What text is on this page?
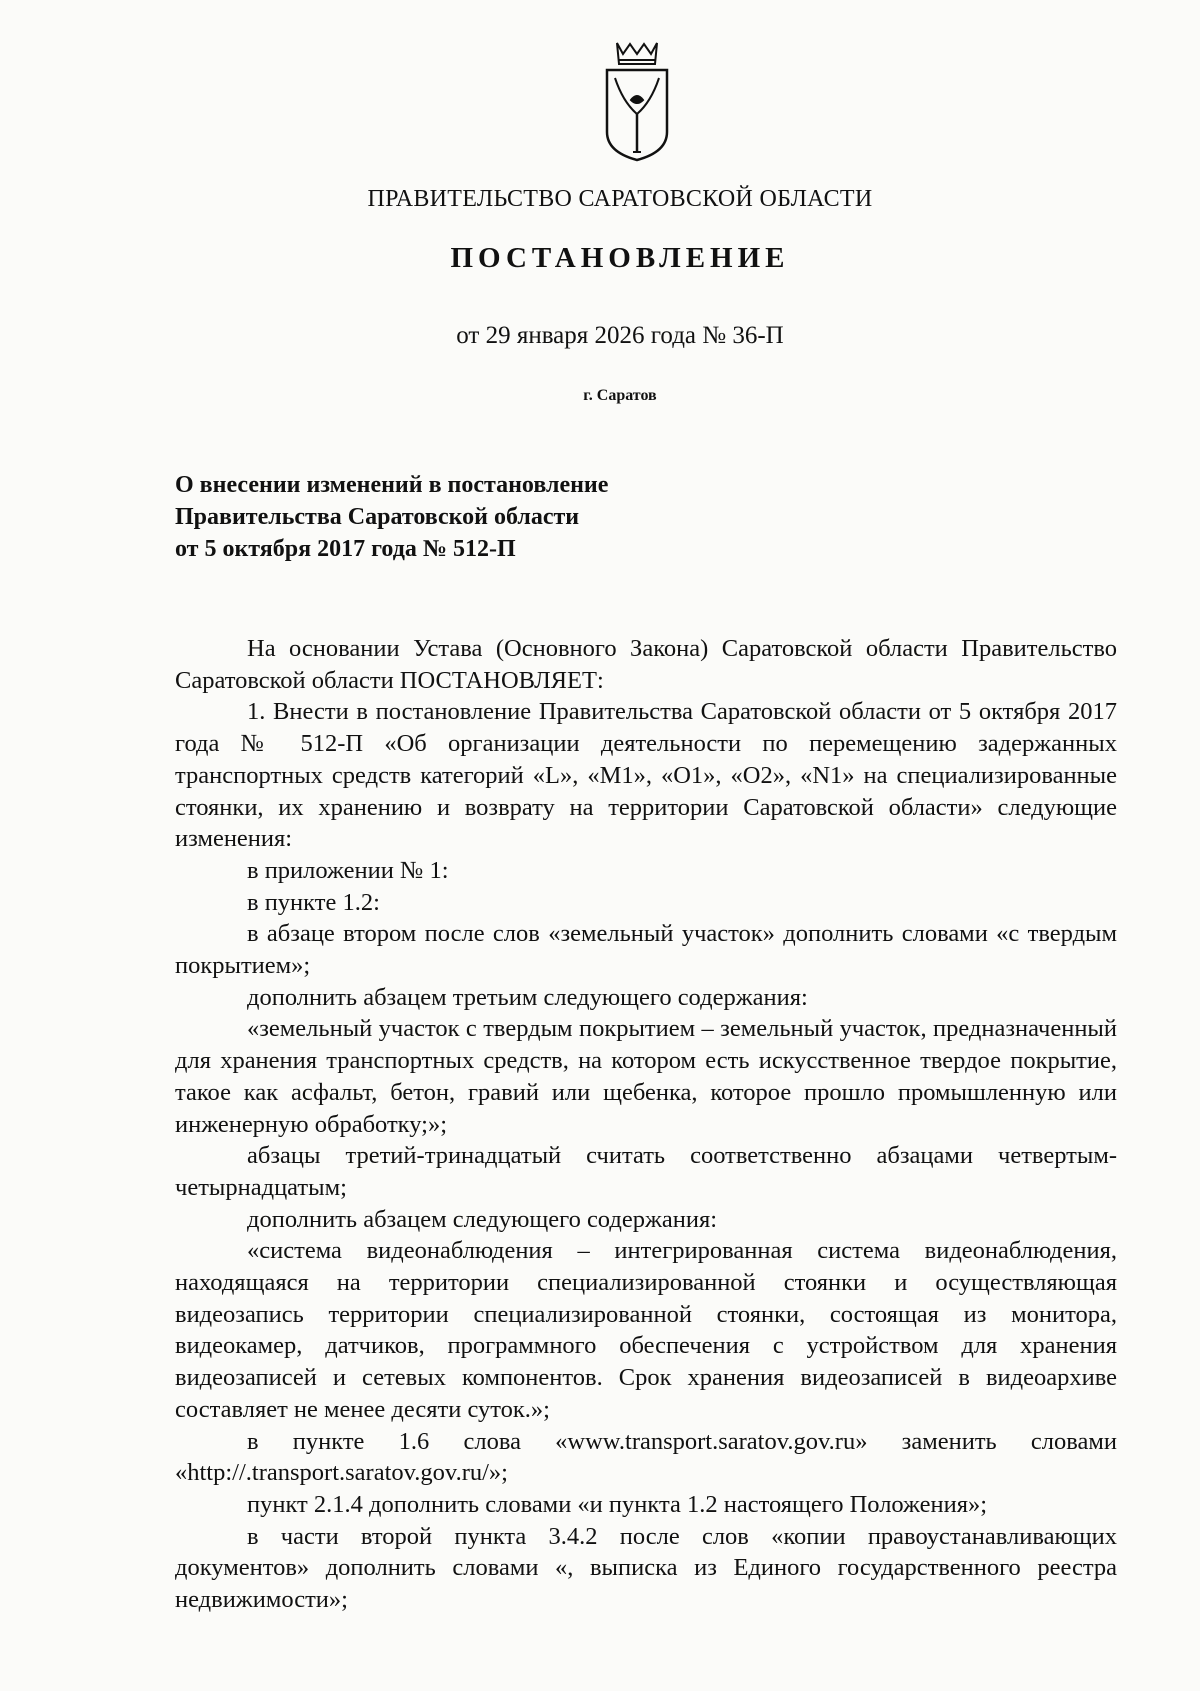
ПРАВИТЕЛЬСТВО САРАТОВСКОЙ ОБЛАСТИ

ПОСТАНОВЛЕНИЕ

от 29 января 2026 года № 36-П

г. Саратов

О внесении изменений в постановление
Правительства Саратовской области
от 5 октября 2017 года № 512-П

На основании Устава (Основного Закона) Саратовской области Правительство Саратовской области ПОСТАНОВЛЯЕТ:

1. Внести в постановление Правительства Саратовской области от 5 октября 2017 года № 512-П «Об организации деятельности по перемещению задержанных транспортных средств категорий «L», «M1», «O1», «O2», «N1» на специализированные стоянки, их хранению и возврату на территории Саратовской области» следующие изменения:

в приложении № 1:

в пункте 1.2:

в абзаце втором после слов «земельный участок» дополнить словами «с твердым покрытием»;

дополнить абзацем третьим следующего содержания:

«земельный участок с твердым покрытием – земельный участок, предназначенный для хранения транспортных средств, на котором есть искусственное твердое покрытие, такое как асфальт, бетон, гравий или щебенка, которое прошло промышленную или инженерную обработку;»;

абзацы третий-тринадцатый считать соответственно абзацами четвертым-четырнадцатым;

дополнить абзацем следующего содержания:

«система видеонаблюдения – интегрированная система видеонаблюдения, находящаяся на территории специализированной стоянки и осуществляющая видеозапись территории специализированной стоянки, состоящая из монитора, видеокамер, датчиков, программного обеспечения с устройством для хранения видеозаписей и сетевых компонентов. Срок хранения видеозаписей в видеоархиве составляет не менее десяти суток.»;

в пункте 1.6 слова «www.transport.saratov.gov.ru» заменить словами «http://.transport.saratov.gov.ru/»;

пункт 2.1.4 дополнить словами «и пункта 1.2 настоящего Положения»;

в части второй пункта 3.4.2 после слов «копии правоустанавливающих документов» дополнить словами «, выписка из Единого государственного реестра недвижимости»;
